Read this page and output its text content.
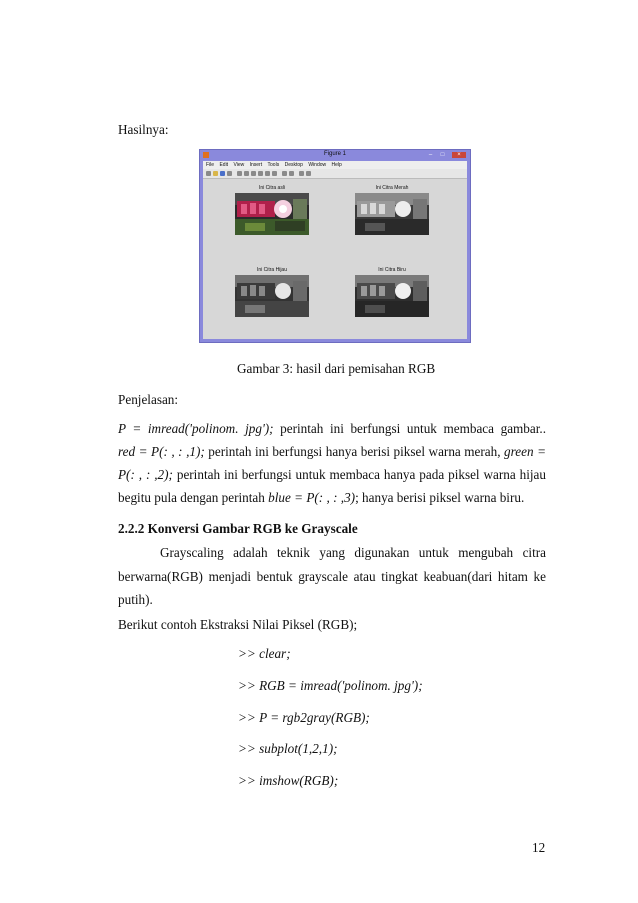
Hasilnya:
Figure 1	–	□	×
File Edit View Insert Tools Desktop Window Help
Ini Citra asli	Ini Citra Merah
Ini Citra Hijau	Ini Citra Biru
Gambar 3: hasil dari pemisahan RGB
Penjelasan:
P = imread('polinom. jpg'); perintah ini berfungsi untuk membaca gambar..
red = P(: , : ,1); perintah ini berfungsi hanya berisi piksel warna merah, green =
P(: , : ,2); perintah ini berfungsi untuk membaca hanya pada piksel warna hijau
begitu pula dengan perintah blue = P(: , : ,3); hanya berisi piksel warna biru.
2.2.2 Konversi Gambar RGB ke Grayscale
Grayscaling adalah teknik yang digunakan untuk mengubah citra
berwarna(RGB) menjadi bentuk grayscale atau tingkat keabuan(dari hitam ke
putih).
Berikut contoh Ekstraksi Nilai Piksel (RGB);
>> clear;
>> RGB = imread('polinom. jpg');
>> P = rgb2gray(RGB);
>> subplot(1,2,1);
>> imshow(RGB);
12
